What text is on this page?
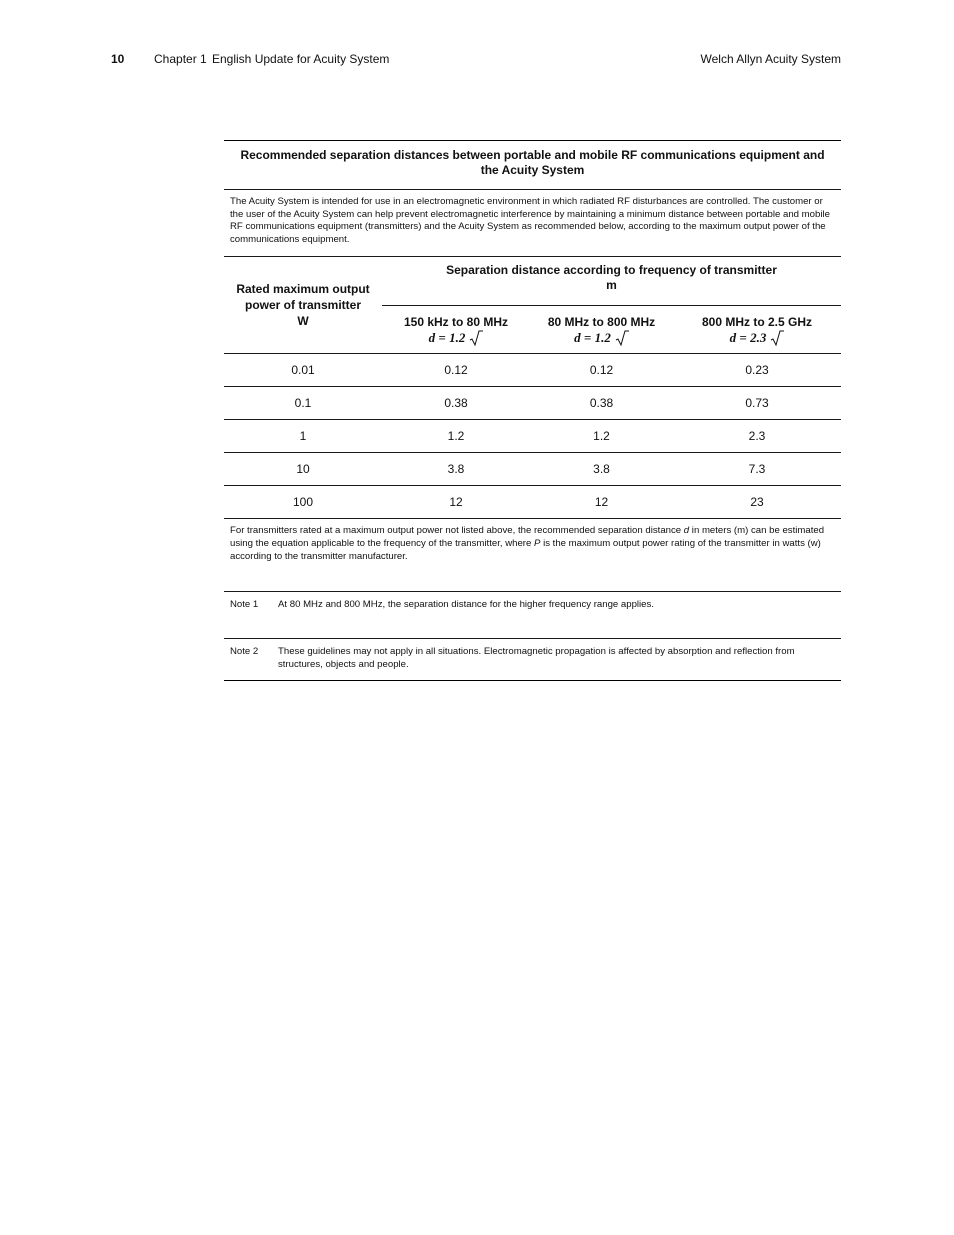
10 Chapter 1 English Update for Acuity System	Welch Allyn Acuity System
Recommended separation distances between portable and mobile RF communications equipment and the Acuity System
The Acuity System is intended for use in an electromagnetic environment in which radiated RF disturbances are controlled. The customer or the user of the Acuity System can help prevent electromagnetic interference by maintaining a minimum distance between portable and mobile RF communications equipment (transmitters) and the Acuity System as recommended below, according to the maximum output power of the communications equipment.
Rated maximum output
power of transmitter
W
Separation distance according to frequency of transmitter
m
150 kHz to 80 MHz
d = 1.2
80 MHz to 800 MHz
d = 1.2
800 MHz to 2.5 GHz
d = 2.3
0.01	0.12	0.12	0.23
0.1	0.38	0.38	0.73
1	1.2	1.2	2.3
10	3.8	3.8	7.3
100	12	12	23
For transmitters rated at a maximum output power not listed above, the recommended separation distance d in meters (m) can be estimated using the equation applicable to the frequency of the transmitter, where P is the maximum output power rating of the transmitter in watts (w) according to the transmitter manufacturer.
Note 1	At 80 MHz and 800 MHz, the separation distance for the higher frequency range applies.
Note 2	These guidelines may not apply in all situations. Electromagnetic propagation is affected by absorption and reflection from structures, objects and people.
